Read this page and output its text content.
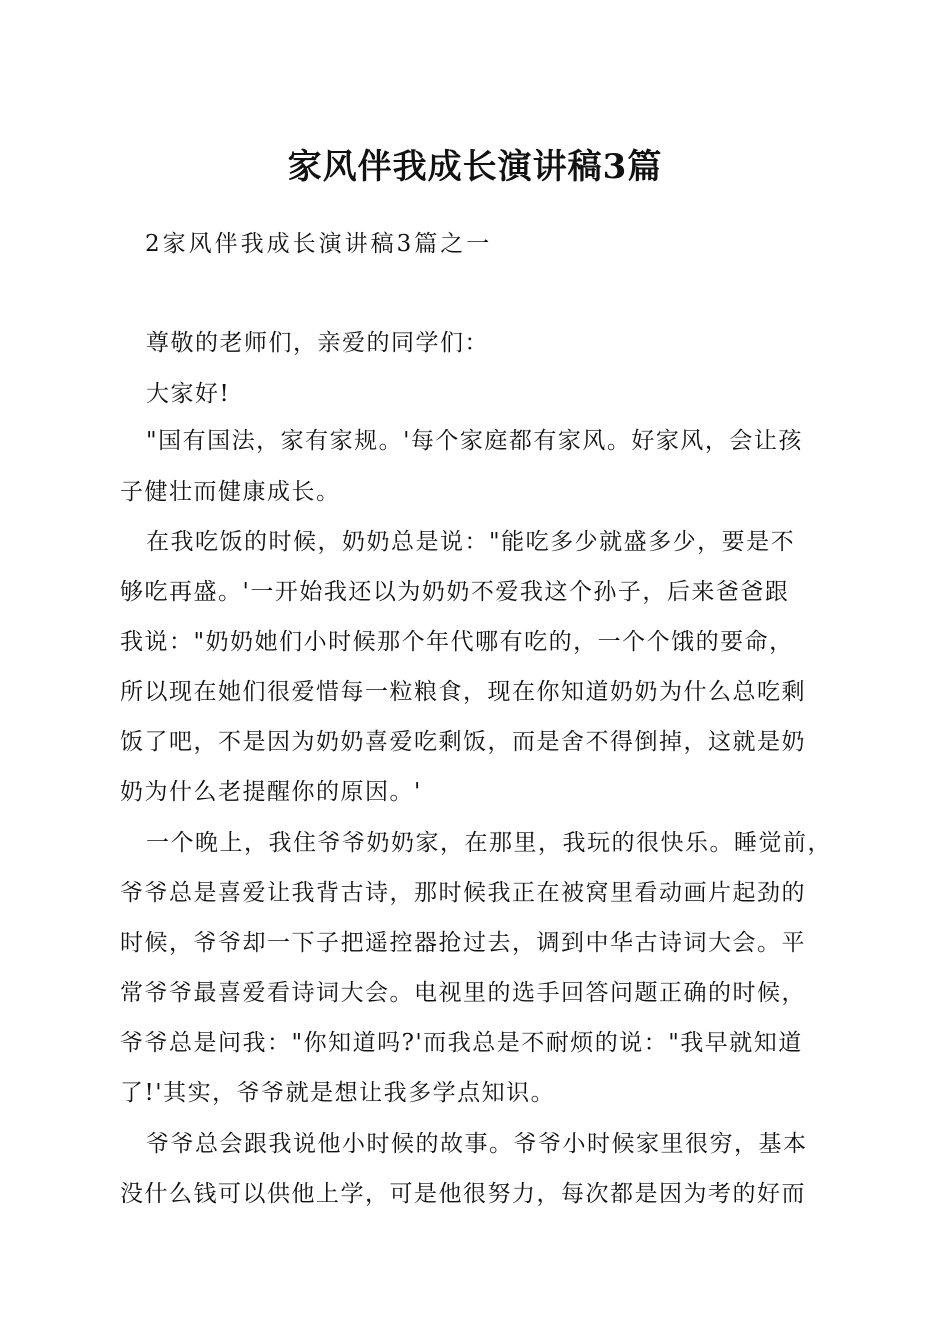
家风伴我成长演讲稿3篇
2家风伴我成长演讲稿3篇之一
尊敬的老师们，亲爱的同学们：
大家好!
"国有国法，家有家规。'每个家庭都有家风。好家风，会让孩
子健壮而健康成长。
在我吃饭的时候，奶奶总是说："能吃多少就盛多少，要是不
够吃再盛。'一开始我还以为奶奶不爱我这个孙子，后来爸爸跟
我说："奶奶她们小时候那个年代哪有吃的，一个个饿的要命，
所以现在她们很爱惜每一粒粮食，现在你知道奶奶为什么总吃剩
饭了吧，不是因为奶奶喜爱吃剩饭，而是舍不得倒掉，这就是奶
奶为什么老提醒你的原因。'
一个晚上，我住爷爷奶奶家，在那里，我玩的很快乐。睡觉前，
爷爷总是喜爱让我背古诗，那时候我正在被窝里看动画片起劲的
时候，爷爷却一下子把遥控器抢过去，调到中华古诗词大会。平
常爷爷最喜爱看诗词大会。电视里的选手回答问题正确的时候，
爷爷总是问我："你知道吗?'而我总是不耐烦的说："我早就知道
了!'其实，爷爷就是想让我多学点知识。
爷爷总会跟我说他小时候的故事。爷爷小时候家里很穷，基本
没什么钱可以供他上学，可是他很努力，每次都是因为考的好而
